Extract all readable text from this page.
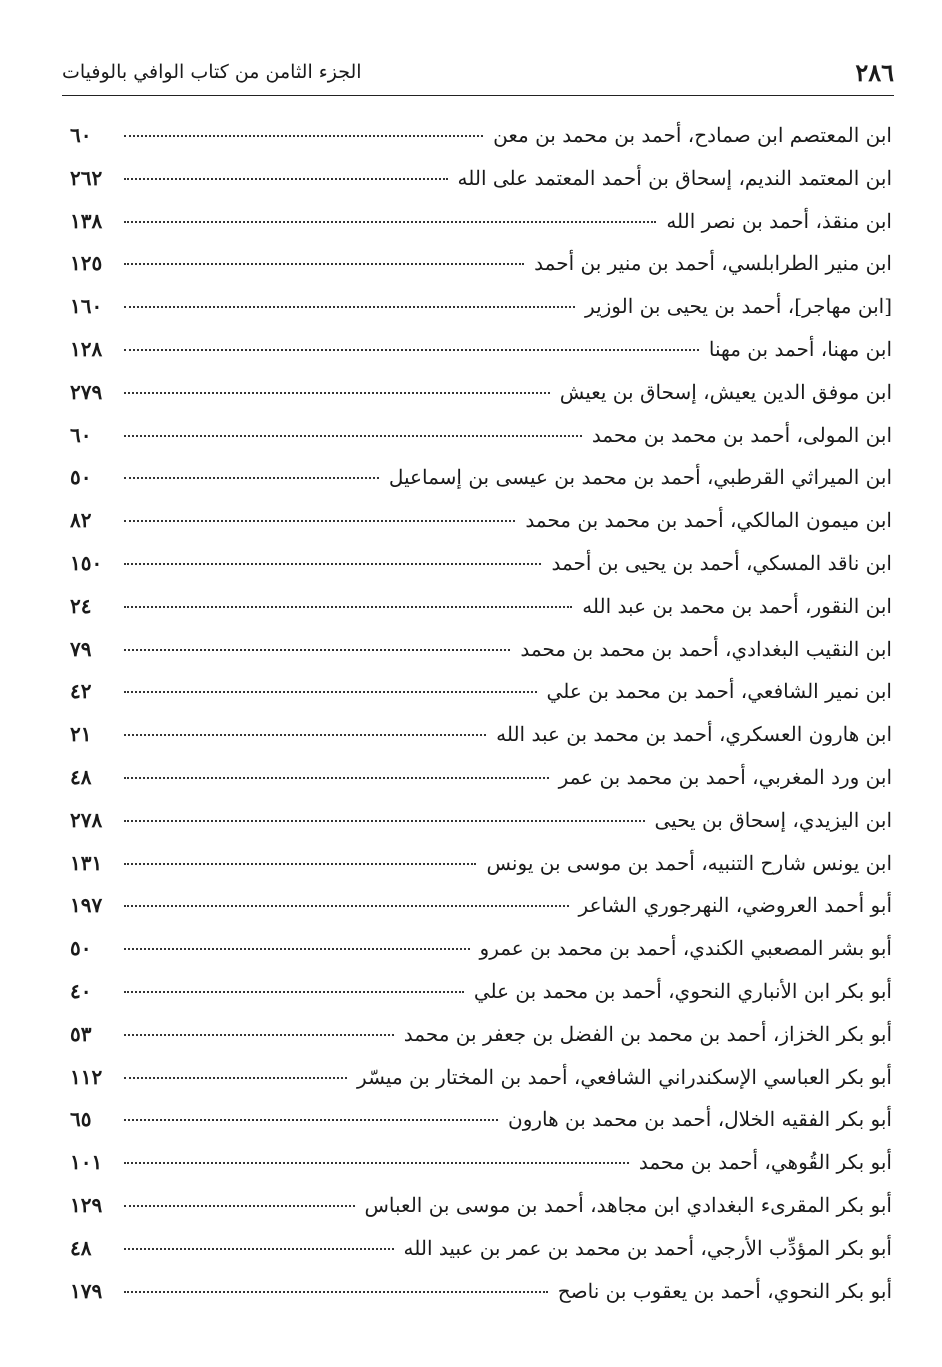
٢٨٦
الجزء الثامن من كتاب الوافي بالوفيات
ابن المعتصم ابن صمادح، أحمد بن محمد بن معن
٦٠
ابن المعتمد النديم، إسحاق بن أحمد المعتمد على الله
٢٦٢
ابن منقذ، أحمد بن نصر الله
١٣٨
ابن منير الطرابلسي، أحمد بن منير بن أحمد
١٢٥
[ابن مهاجر]، أحمد بن يحيى بن الوزير
١٦٠
ابن مهنا، أحمد بن مهنا
١٢٨
ابن موفق الدين يعيش، إسحاق بن يعيش
٢٧٩
ابن المولى، أحمد بن محمد بن محمد
٦٠
ابن الميراثي القرطبي، أحمد بن محمد بن عيسى بن إسماعيل
٥٠
ابن ميمون المالكي، أحمد بن محمد بن محمد
٨٢
ابن ناقد المسكي، أحمد بن يحيى بن أحمد
١٥٠
ابن النقور، أحمد بن محمد بن عبد الله
٢٤
ابن النقيب البغدادي، أحمد بن محمد بن محمد
٧٩
ابن نمير الشافعي، أحمد بن محمد بن علي
٤٢
ابن هارون العسكري، أحمد بن محمد بن عبد الله
٢١
ابن ورد المغربي، أحمد بن محمد بن عمر
٤٨
ابن اليزيدي، إسحاق بن يحيى
٢٧٨
ابن يونس شارح التنبيه، أحمد بن موسى بن يونس
١٣١
أبو أحمد العروضي، النهرجوري الشاعر
١٩٧
أبو بشر المصعبي الكندي، أحمد بن محمد بن عمرو
٥٠
أبو بكر ابن الأنباري النحوي، أحمد بن محمد بن علي
٤٠
أبو بكر الخزاز، أحمد بن محمد بن الفضل بن جعفر بن محمد
٥٣
أبو بكر العباسي الإسكندراني الشافعي، أحمد بن المختار بن ميسّر
١١٢
أبو بكر الفقيه الخلال، أحمد بن محمد بن هارون
٦٥
أبو بكر القُوهي، أحمد بن محمد
١٠١
أبو بكر المقرىء البغدادي ابن مجاهد، أحمد بن موسى بن العباس
١٢٩
أبو بكر المؤدِّب الأرجي، أحمد بن محمد بن عمر بن عبيد الله
٤٨
أبو بكر النحوي، أحمد بن يعقوب بن ناصح
١٧٩
